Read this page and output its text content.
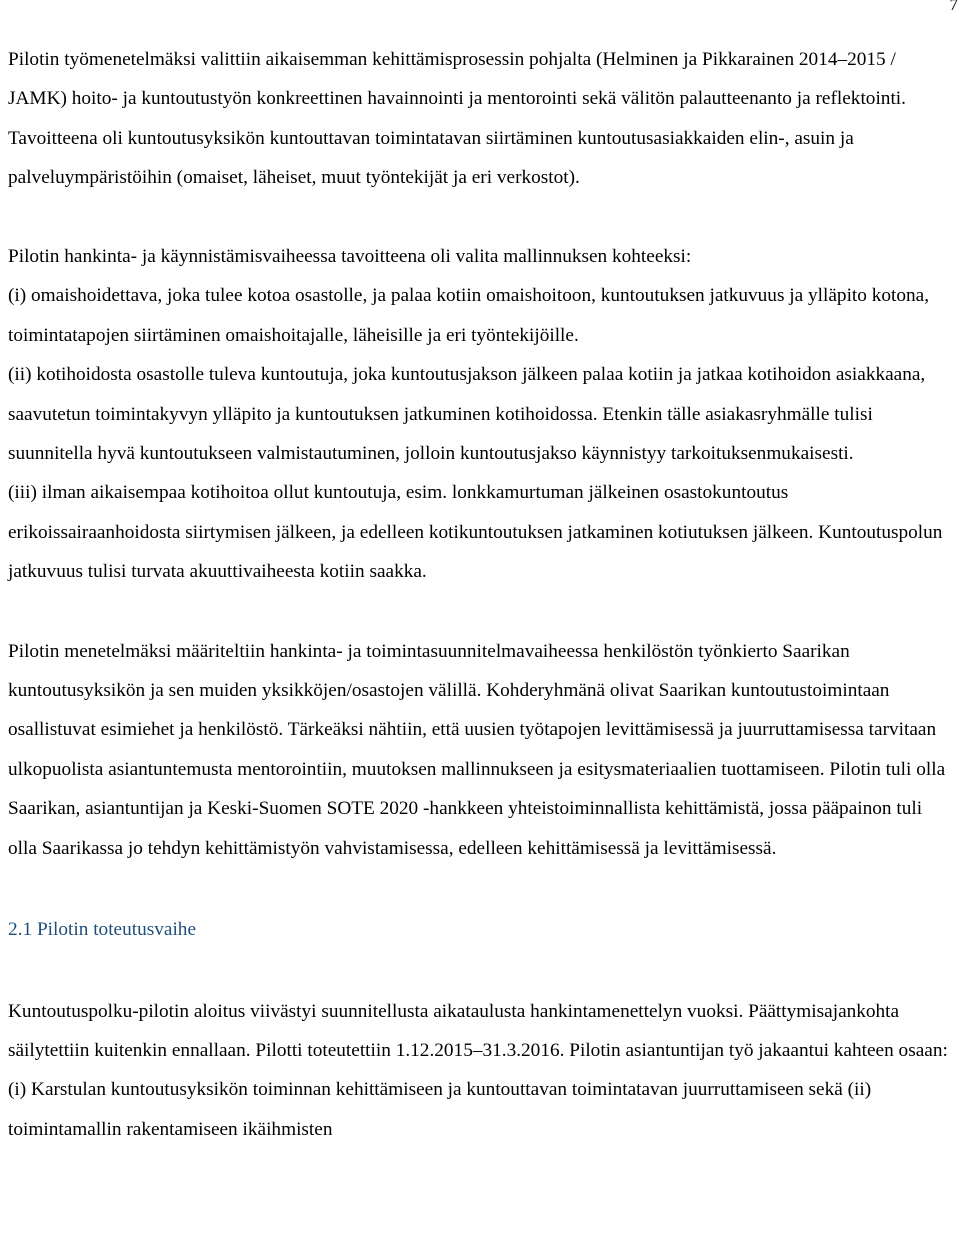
7

Pilotin työmenetelmäksi valittiin aikaisemman kehittämisprosessin pohjalta (Helminen ja Pikkarainen 2014–2015 / JAMK) hoito- ja kuntoutustyön konkreettinen havainnointi ja mentorointi sekä välitön palautteenanto ja reflektointi. Tavoitteena oli kuntoutusyksikön kuntouttavan toimintatavan siirtäminen kuntoutusasiakkaiden elin-, asuin ja palveluympäristöihin (omaiset, läheiset, muut työntekijät ja eri verkostot).

Pilotin hankinta- ja käynnistämisvaiheessa tavoitteena oli valita mallinnuksen kohteeksi:

(i) omaishoidettava, joka tulee kotoa osastolle, ja palaa kotiin omaishoitoon, kuntoutuksen jatkuvuus ja ylläpito kotona, toimintatapojen siirtäminen omaishoitajalle, läheisille ja eri työntekijöille.

(ii) kotihoidosta osastolle tuleva kuntoutuja, joka kuntoutusjakson jälkeen palaa kotiin ja jatkaa kotihoidon asiakkaana, saavutetun toimintakyvyn ylläpito ja kuntoutuksen jatkuminen kotihoidossa. Etenkin tälle asiakasryhmälle tulisi suunnitella hyvä kuntoutukseen valmistautuminen, jolloin kuntoutusjakso käynnistyy tarkoituksenmukaisesti.

(iii) ilman aikaisempaa kotihoitoa ollut kuntoutuja, esim. lonkkamurtuman jälkeinen osastokuntoutus erikoissairaanhoidosta siirtymisen jälkeen, ja edelleen kotikuntoutuksen jatkaminen kotiutuksen jälkeen. Kuntoutuspolun jatkuvuus tulisi turvata akuuttivaiheesta kotiin saakka.

Pilotin menetelmäksi määriteltiin hankinta- ja toimintasuunnitelmavaiheessa henkilöstön työnkierto Saarikan kuntoutusyksikön ja sen muiden yksikköjen/osastojen välillä. Kohderyhmänä olivat Saarikan kuntoutustoimintaan osallistuvat esimiehet ja henkilöstö. Tärkeäksi nähtiin, että uusien työtapojen levittämisessä ja juurruttamisessa tarvitaan ulkopuolista asiantuntemusta mentorointiin, muutoksen mallinnukseen ja esitysmateriaalien tuottamiseen. Pilotin tuli olla Saarikan, asiantuntijan ja Keski-Suomen SOTE 2020 -hankkeen yhteistoiminnallista kehittämistä, jossa pääpainon tuli olla Saarikassa jo tehdyn kehittämistyön vahvistamisessa, edelleen kehittämisessä ja levittämisessä.

2.1 Pilotin toteutusvaihe

Kuntoutuspolku-pilotin aloitus viivästyi suunnitellusta aikataulusta hankintamenettelyn vuoksi. Päättymisajankohta säilytettiin kuitenkin ennallaan. Pilotti toteutettiin 1.12.2015–31.3.2016. Pilotin asiantuntijan työ jakaantui kahteen osaan: (i) Karstulan kuntoutusyksikön toiminnan kehittämiseen ja kuntouttavan toimintatavan juurruttamiseen sekä (ii) toimintamallin rakentamiseen ikäihmisten
